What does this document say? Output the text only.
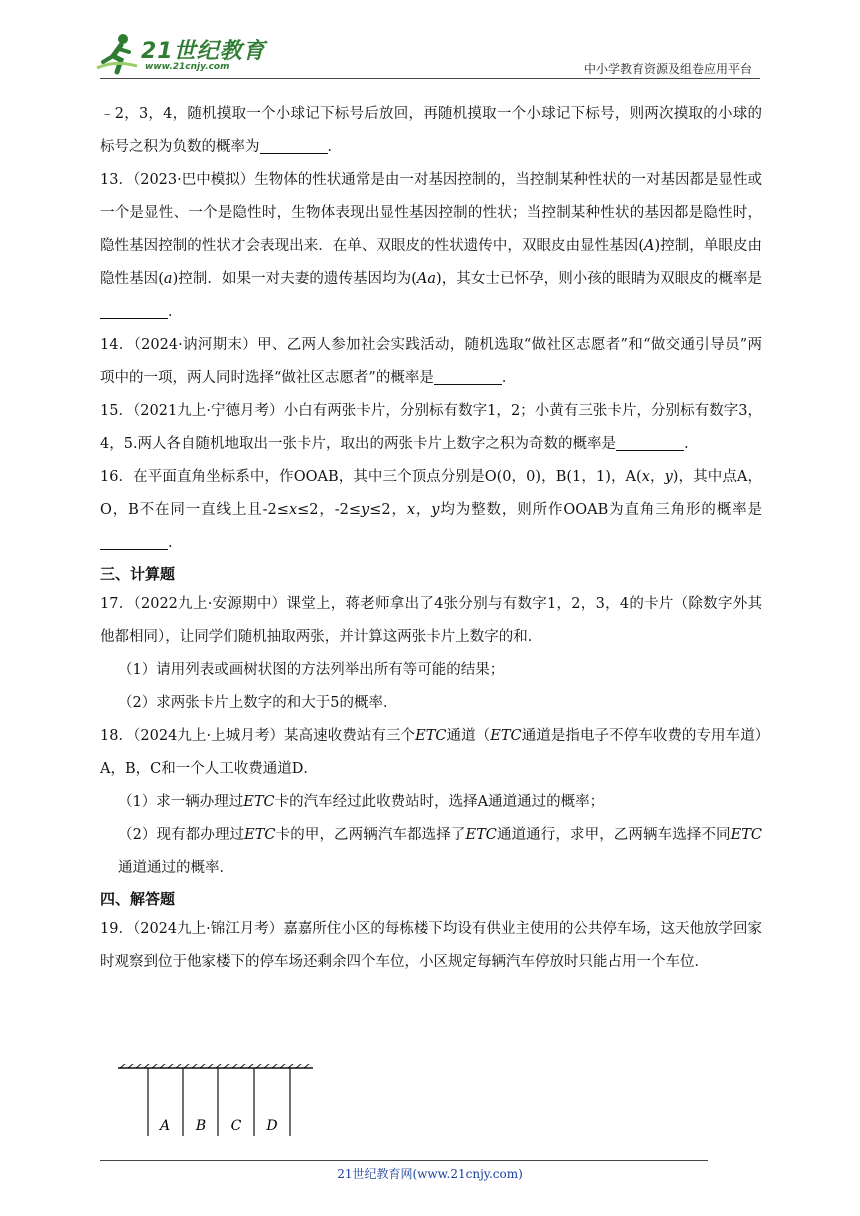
21世纪教育
www.21cnjy.com	中小学教育资源及组卷应用平台

﹣2，3，4，随机摸取一个小球记下标号后放回，再随机摸取一个小球记下标号，则两次摸取的小球的标号之积为负数的概率为	．

13．（2023·巴中模拟）生物体的性状通常是由一对基因控制的，当控制某种性状的一对基因都是显性或一个是显性、一个是隐性时，生物体表现出显性基因控制的性状；当控制某种性状的基因都是隐性时，隐性基因控制的性状才会表现出来．在单、双眼皮的性状遗传中，双眼皮由显性基因(A)控制，单眼皮由隐性基因(a)控制．如果一对夫妻的遗传基因均为(Aa)，其女士已怀孕，则小孩的眼睛为双眼皮的概率是．

14．（2024·讷河期末）甲、乙两人参加社会实践活动，随机选取“做社区志愿者”和“做交通引导员”两项中的一项，两人同时选择“做社区志愿者”的概率是	．

15．（2021九上·宁德月考）小白有两张卡片，分别标有数字1，2；小黄有三张卡片，分别标有数字3，4，5.两人各自随机地取出一张卡片，取出的两张卡片上数字之积为奇数的概率是	．

16．在平面直角坐标系中，作OOAB，其中三个顶点分别是O(0，0)，B(1，1)，A(x，y)，其中点A，O，B不在同一直线上且-2≤x≤2，-2≤y≤2，x，y均为整数，则所作OOAB为直角三角形的概率是．

三、计算题

17．（2022九上·安源期中）课堂上，蒋老师拿出了4张分别与有数字1，2，3，4的卡片（除数字外其他都相同），让同学们随机抽取两张，并计算这两张卡片上数字的和．

（1）请用列表或画树状图的方法列举出所有等可能的结果；

（2）求两张卡片上数字的和大于5的概率．

18．（2024九上·上城月考）某高速收费站有三个ETC通道（ETC通道是指电子不停车收费的专用车道）A，B，C和一个人工收费通道D．

（1）求一辆办理过ETC卡的汽车经过此收费站时，选择A通道通过的概率；

（2）现有都办理过ETC卡的甲，乙两辆汽车都选择了ETC通道通行，求甲，乙两辆车选择不同ETC通道通过的概率．

四、解答题

19．（2024九上·锦江月考）嘉嘉所住小区的每栋楼下均设有供业主使用的公共停车场，这天他放学回家时观察到位于他家楼下的停车场还剩余四个车位，小区规定每辆汽车停放时只能占用一个车位．

A B C D
21世纪教育网(www.21cnjy.com)
